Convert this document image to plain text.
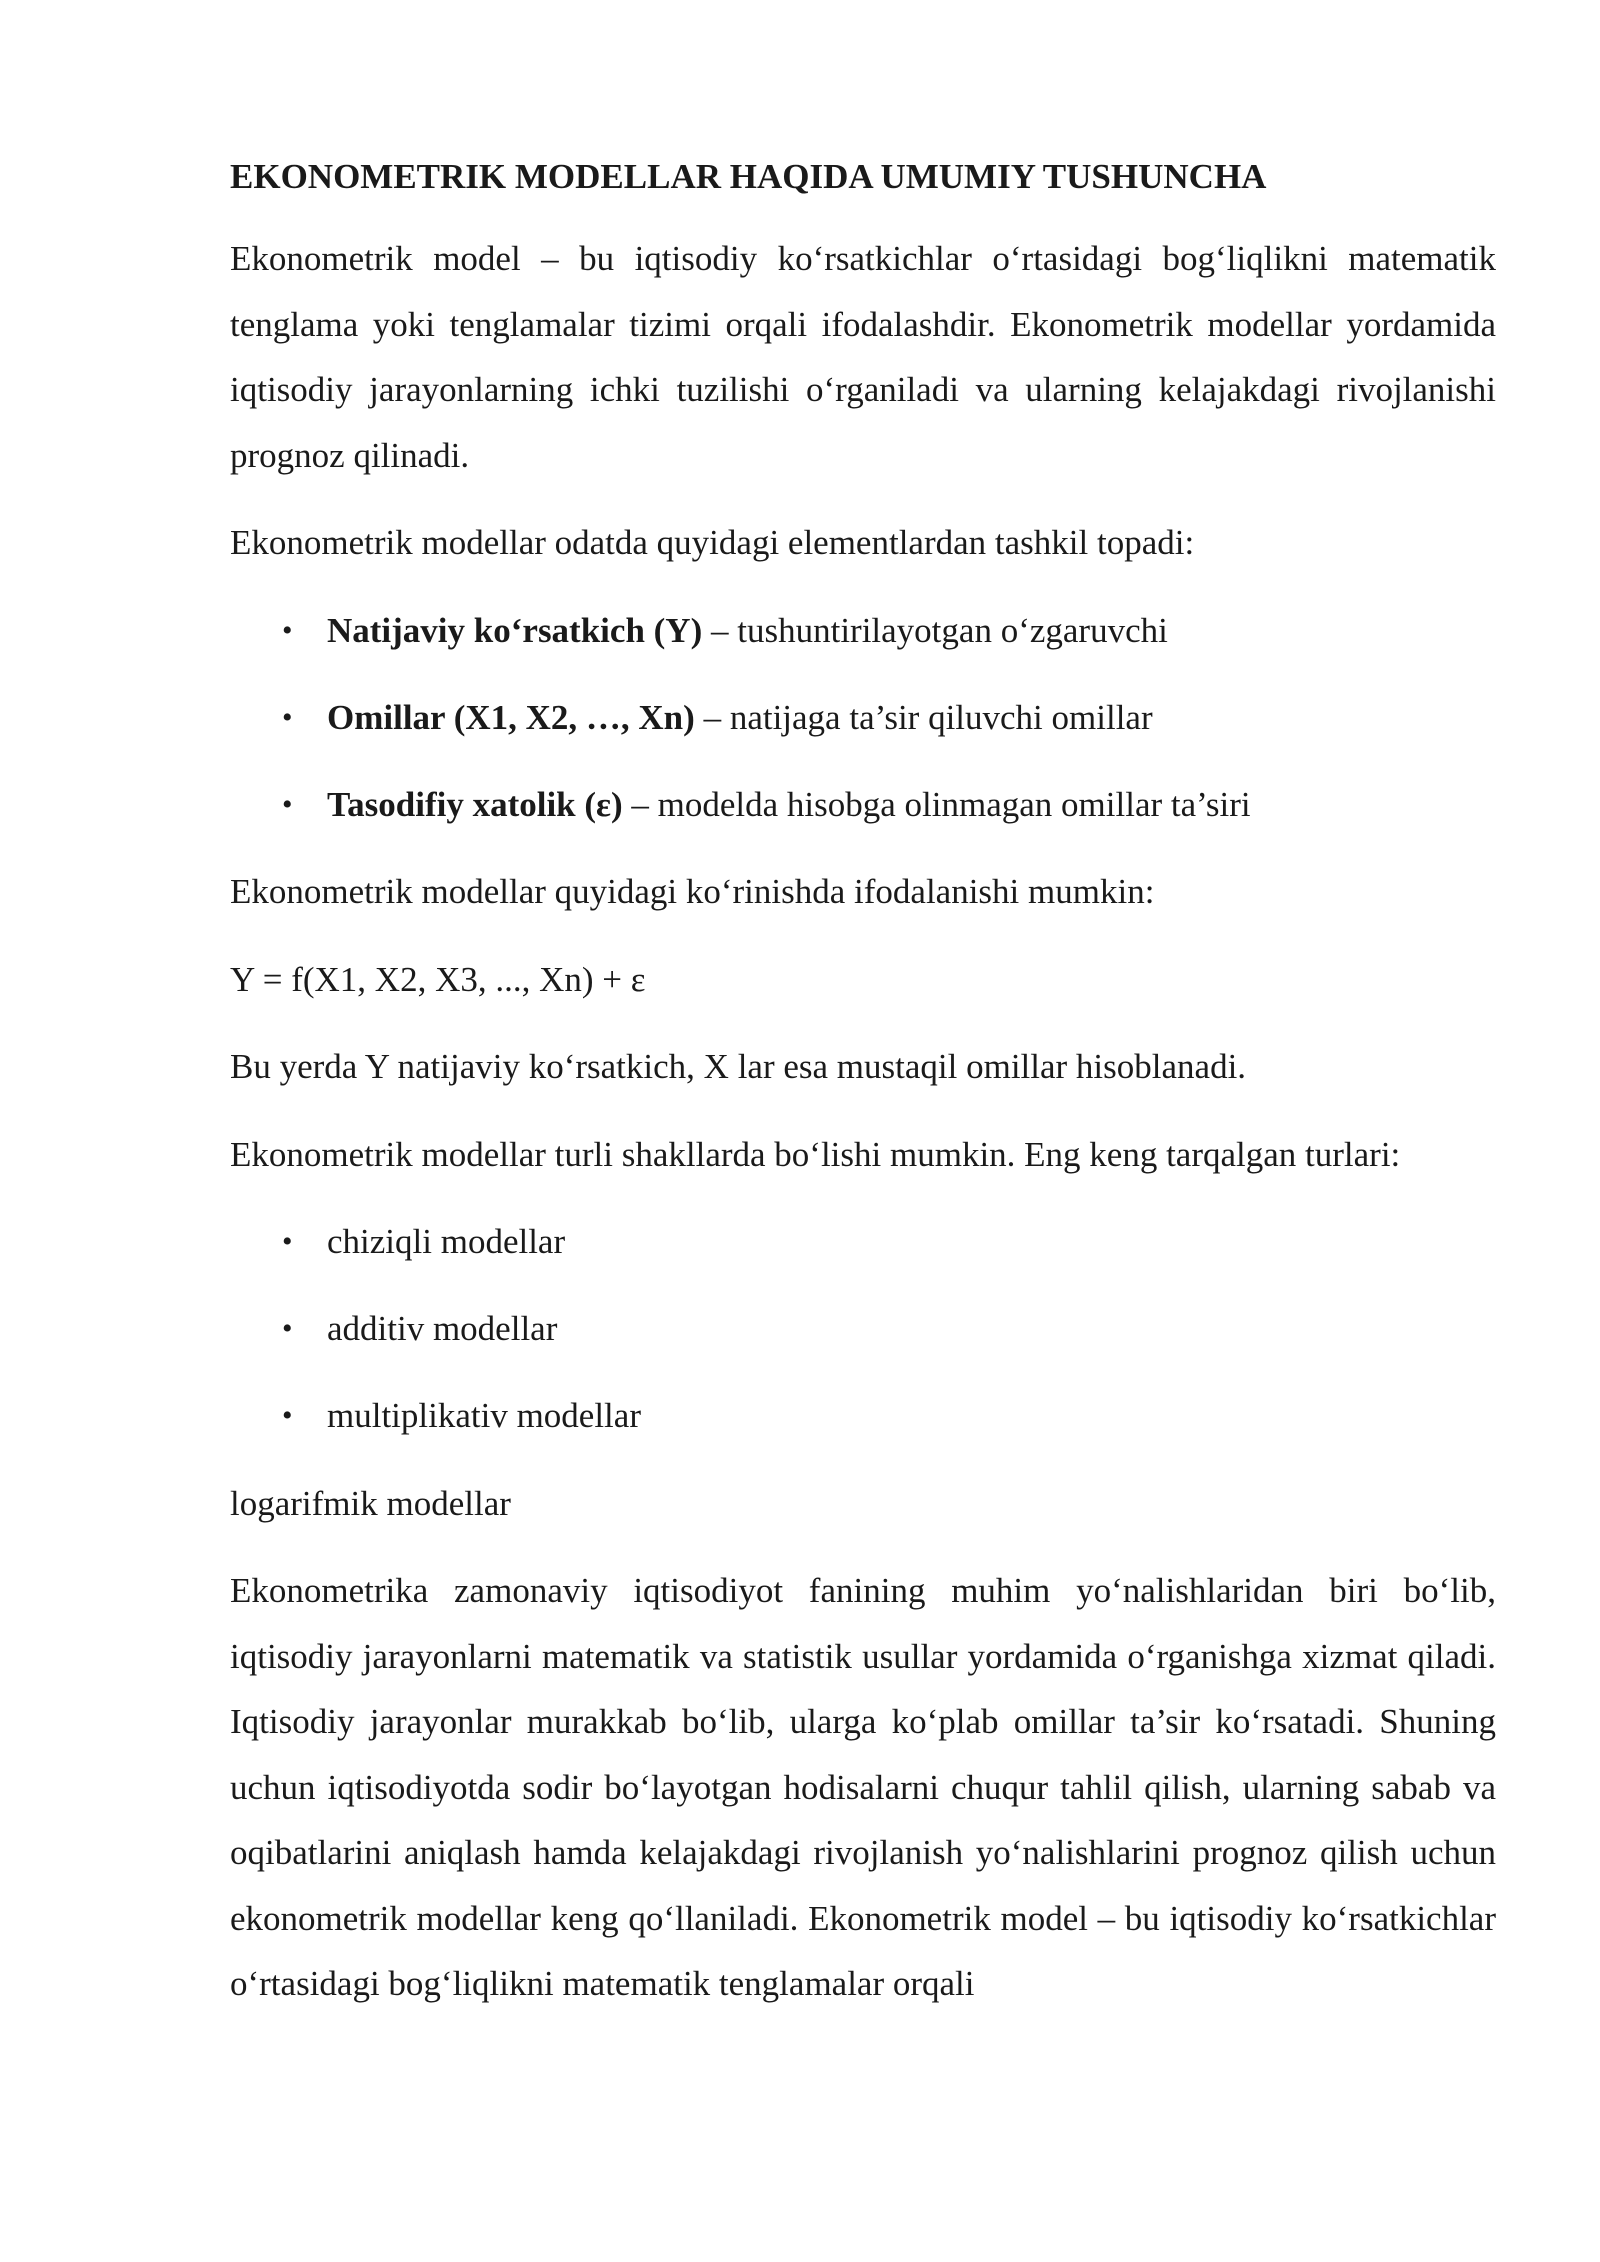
EKONOMETRIK MODELLAR HAQIDA UMUMIY TUSHUNCHA

Ekonometrik model – bu iqtisodiy ko‘rsatkichlar o‘rtasidagi bog‘liqlikni matematik tenglama yoki tenglamalar tizimi orqali ifodalashdir. Ekonometrik modellar yordamida iqtisodiy jarayonlarning ichki tuzilishi o‘rganiladi va ularning kelajakdagi rivojlanishi prognoz qilinadi.

Ekonometrik modellar odatda quyidagi elementlardan tashkil topadi:

• Natijaviy ko‘rsatkich (Y) – tushuntirilayotgan o‘zgaruvchi
• Omillar (X1, X2, …, Xn) – natijaga ta’sir qiluvchi omillar
• Tasodifiy xatolik (ε) – modelda hisobga olinmagan omillar ta’siri

Ekonometrik modellar quyidagi ko‘rinishda ifodalanishi mumkin:

Y = f(X1, X2, X3, ..., Xn) + ε

Bu yerda Y natijaviy ko‘rsatkich, X lar esa mustaqil omillar hisoblanadi.

Ekonometrik modellar turli shakllarda bo‘lishi mumkin. Eng keng tarqalgan turlari:

• chiziqli modellar
• additiv modellar
• multiplikativ modellar

logarifmik modellar

Ekonometrika zamonaviy iqtisodiyot fanining muhim yo‘nalishlaridan biri bo‘lib, iqtisodiy jarayonlarni matematik va statistik usullar yordamida o‘rganishga xizmat qiladi. Iqtisodiy jarayonlar murakkab bo‘lib, ularga ko‘plab omillar ta’sir ko‘rsatadi. Shuning uchun iqtisodiyotda sodir bo‘layotgan hodisalarni chuqur tahlil qilish, ularning sabab va oqibatlarini aniqlash hamda kelajakdagi rivojlanish yo‘nalishlarini prognoz qilish uchun ekonometrik modellar keng qo‘llaniladi. Ekonometrik model – bu iqtisodiy ko‘rsatkichlar o‘rtasidagi bog‘liqlikni matematik tenglamalar orqali
